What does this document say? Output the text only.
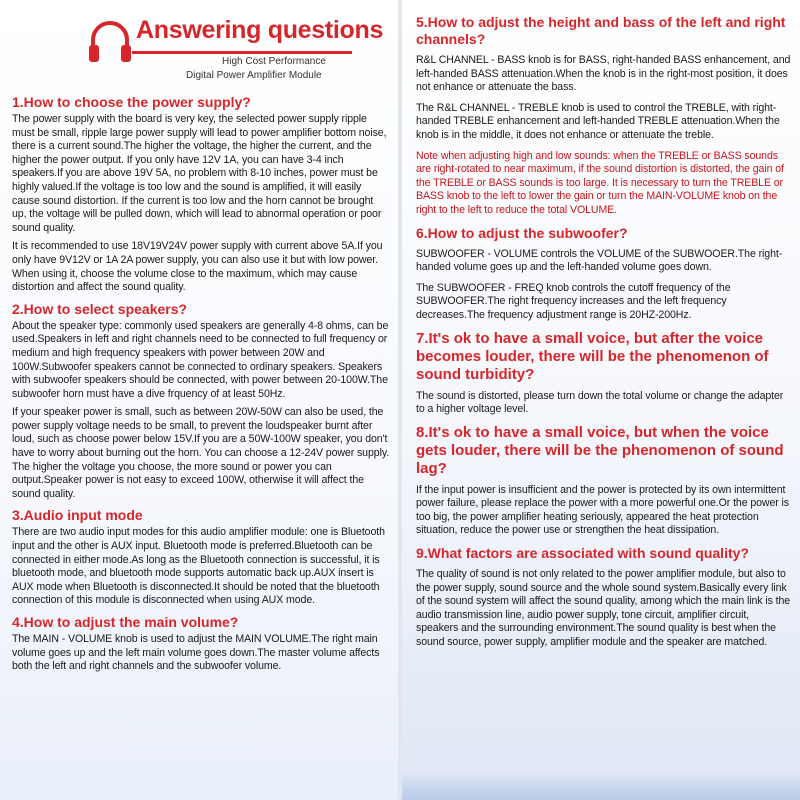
Answering questions
High Cost Performance
Digital Power Amplifier Module
1.How to choose the power supply?
The power supply with the board is very key, the selected power supply ripple must be small, ripple large power supply will lead to power amplifier bottom noise, there is a current sound.The higher the voltage, the higher the current, and the higher the power output. If you only have 12V 1A, you can have 3-4 inch speakers.If you are above 19V 5A, no problem with 8-10 inches, power must be highly valued.If the voltage is too low and the sound is amplified, it will easily cause sound distortion. If the current is too low and the horn cannot be brought up, the voltage will be pulled down, which will lead to abnormal operation or poor sound quality.
It is recommended to use 18V19V24V power supply with current above 5A.If you only have 9V12V or 1A 2A power supply, you can also use it but with low power. When using it, choose the volume close to the maximum, which may cause distortion and affect the sound quality.
2.How to select speakers?
About the speaker type: commonly used speakers are generally 4-8 ohms, can be used.Speakers in left and right channels need to be connected to full frequency or medium and high frequency speakers with power between 20W and 100W.Subwoofer speakers cannot be connected to ordinary speakers. Speakers with subwoofer speakers should be connected, with power between 20-100W.The subwoofer horn must have a dive frquency of at least 50Hz.
If your speaker power is small, such as between 20W-50W can also be used, the power supply voltage needs to be small, to prevent the loudspeaker burnt after loud, such as choose power below 15V.If you are a 50W-100W speaker, you don't have to worry about burning out the horn. You can choose a 12-24V power supply. The higher the voltage you choose, the more sound or power you can output.Speaker power is not easy to exceed 100W, otherwise it will affect the sound quality.
3.Audio input mode
There are two audio input modes for this audio amplifier module: one is Bluetooth input and the other is AUX input. Bluetooth mode is preferred.Bluetooth can be connected in either mode.As long as the Bluetooth connection is successful, it is bluetooth mode, and bluetooth mode supports automatic back up.AUX insert is AUX mode when Bluetooth is disconnected.It should be noted that the bluetooth connection of this module is disconnected when using AUX mode.
4.How to adjust the main volume?
The MAIN - VOLUME knob is used to adjust the MAIN VOLUME.The right main volume goes up and the left main volume goes down.The master volume affects both the left and right channels and the subwoofer volume.
5.How to adjust the height and bass of the left and right channels?
R&L CHANNEL - BASS knob is for BASS, right-handed BASS enhancement, and left-handed BASS attenuation.When the knob is in the right-most position, it does not enhance or attenuate the bass.
The R&L CHANNEL - TREBLE knob is used to control the TREBLE, with right-handed TREBLE enhancement and left-handed TREBLE attenuation.When the knob is in the middle, it does not enhance or attenuate the treble.
Note when adjusting high and low sounds: when the TREBLE or BASS sounds are right-rotated to near maximum, if the sound distortion is distorted, the gain of the TREBLE or BASS sounds is too large. It is necessary to turn the TREBLE or BASS knob to the left to lower the gain or turn the MAIN-VOLUME knob on the right to the left to reduce the total VOLUME.
6.How to adjust the subwoofer?
SUBWOOFER - VOLUME controls the VOLUME of the SUBWOOER.The right-handed volume goes up and the left-handed volume goes down.
The SUBWOOFER - FREQ knob controls the cutoff frequency of the SUBWOOFER.The right frequency increases and the left frequency decreases.The frequency adjustment range is 20HZ-200Hz.
7.It's ok to have a small voice, but after the voice becomes louder, there will be the phenomenon of sound turbidity?
The sound is distorted, please turn down the total volume or change the adapter to a higher voltage level.
8.It's ok to have a small voice, but when the voice gets louder, there will be the phenomenon of sound lag?
If the input power is insufficient and the power is protected by its own intermittent power failure, please replace the power with a more powerful one.Or the power is too big, the power amplifier heating seriously, appeared the heat protection situation, reduce the power use or strengthen the heat dissipation.
9.What factors are associated with sound quality?
The quality of sound is not only related to the power amplifier module, but also to the power supply, sound source and the whole sound system.Basically every link of the sound system will affect the sound quality, among which the main link is the audio transmission line, audio power supply, tone circuit, amplifier circuit, speakers and the surrounding environment.The sound quality is best when the sound source, power supply, amplifier module and the speaker are matched.
